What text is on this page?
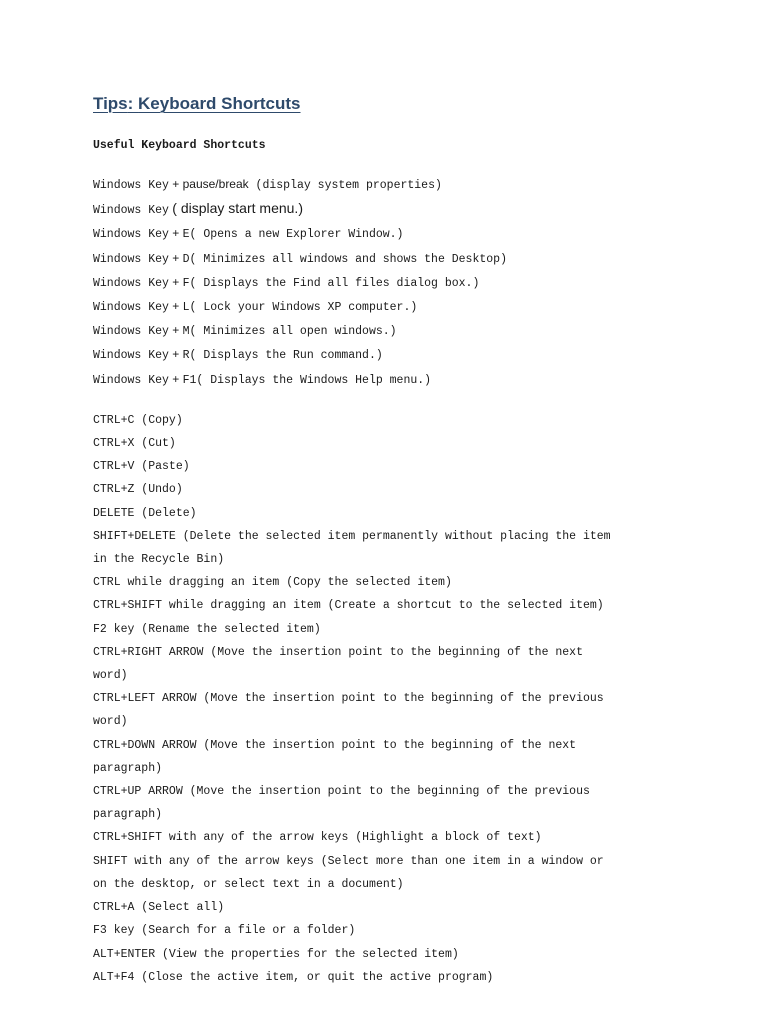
Tips: Keyboard Shortcuts
Useful Keyboard Shortcuts
Windows Key + pause/break (display system properties)
Windows Key ( display start menu.)
Windows Key + E( Opens a new Explorer Window.)
Windows Key + D( Minimizes all windows and shows the Desktop)
Windows Key + F( Displays the Find all files dialog box.)
Windows Key + L( Lock your Windows XP computer.)
Windows Key + M( Minimizes all open windows.)
Windows Key + R( Displays the Run command.)
Windows Key + F1( Displays the Windows Help menu.)
CTRL+C (Copy)
CTRL+X (Cut)
CTRL+V (Paste)
CTRL+Z (Undo)
DELETE (Delete)
SHIFT+DELETE (Delete the selected item permanently without placing the item
in the Recycle Bin)
CTRL while dragging an item (Copy the selected item)
CTRL+SHIFT while dragging an item (Create a shortcut to the selected item)
F2 key (Rename the selected item)
CTRL+RIGHT ARROW (Move the insertion point to the beginning of the next
word)
CTRL+LEFT ARROW (Move the insertion point to the beginning of the previous
word)
CTRL+DOWN ARROW (Move the insertion point to the beginning of the next
paragraph)
CTRL+UP ARROW (Move the insertion point to the beginning of the previous
paragraph)
CTRL+SHIFT with any of the arrow keys (Highlight a block of text)
SHIFT with any of the arrow keys (Select more than one item in a window or
on the desktop, or select text in a document)
CTRL+A (Select all)
F3 key (Search for a file or a folder)
ALT+ENTER (View the properties for the selected item)
ALT+F4 (Close the active item, or quit the active program)
